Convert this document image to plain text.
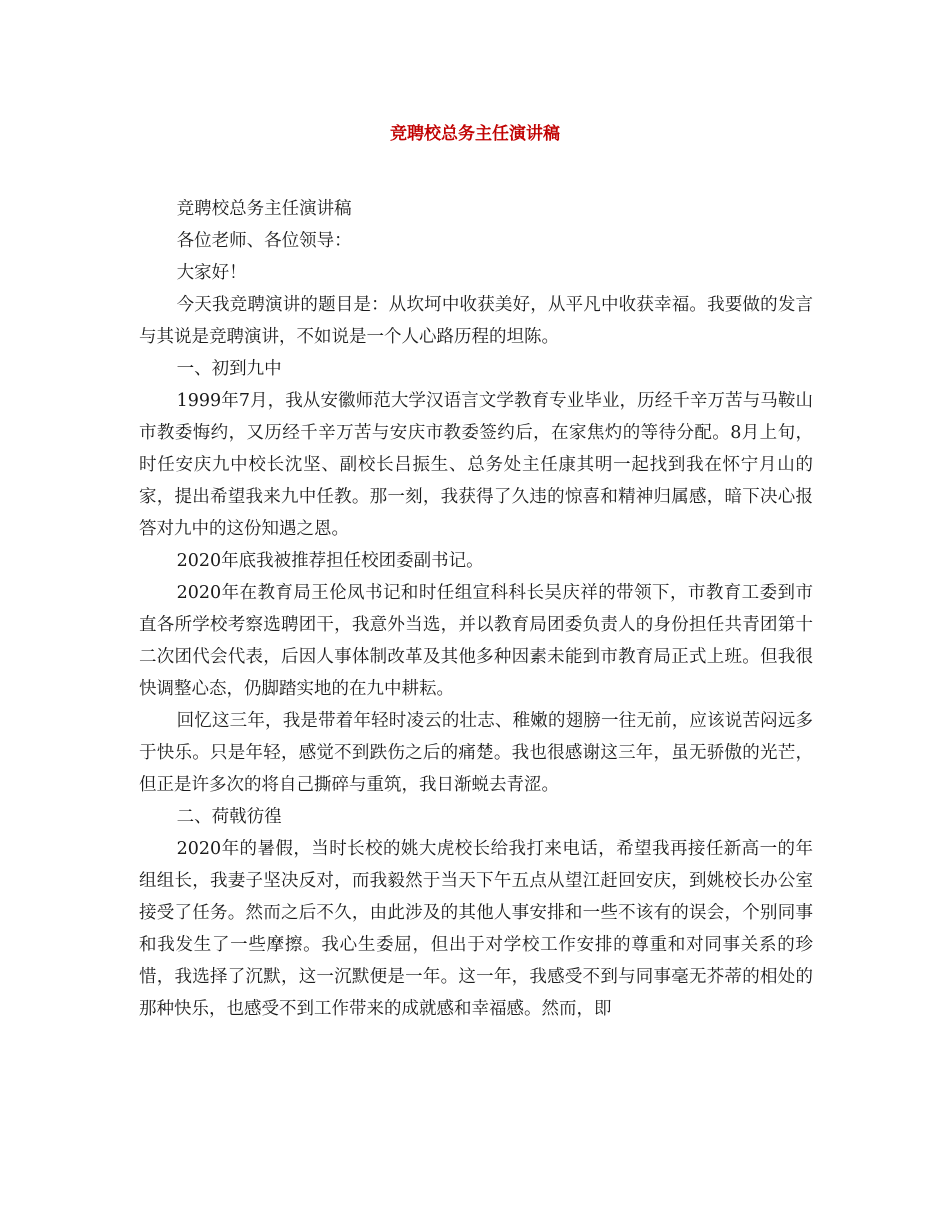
竞聘校总务主任演讲稿

竞聘校总务主任演讲稿

各位老师、各位领导：

大家好！

今天我竞聘演讲的题目是：从坎坷中收获美好，从平凡中收获幸福。我要做的发言与其说是竞聘演讲，不如说是一个人心路历程的坦陈。

一、初到九中

1999年7月，我从安徽师范大学汉语言文学教育专业毕业，历经千辛万苦与马鞍山市教委悔约，又历经千辛万苦与安庆市教委签约后，在家焦灼的等待分配。8月上旬，时任安庆九中校长沈坚、副校长吕振生、总务处主任康其明一起找到我在怀宁月山的家，提出希望我来九中任教。那一刻，我获得了久违的惊喜和精神归属感，暗下决心报答对九中的这份知遇之恩。

2020年底我被推荐担任校团委副书记。

2020年在教育局王伦凤书记和时任组宣科科长吴庆祥的带领下，市教育工委到市直各所学校考察选聘团干，我意外当选，并以教育局团委负责人的身份担任共青团第十二次团代会代表，后因人事体制改革及其他多种因素未能到市教育局正式上班。但我很快调整心态，仍脚踏实地的在九中耕耘。

回忆这三年，我是带着年轻时凌云的壮志、稚嫩的翅膀一往无前，应该说苦闷远多于快乐。只是年轻，感觉不到跌伤之后的痛楚。我也很感谢这三年，虽无骄傲的光芒，但正是许多次的将自己撕碎与重筑，我日渐蜕去青涩。

二、荷戟彷徨

2020年的暑假，当时长校的姚大虎校长给我打来电话，希望我再接任新高一的年组组长，我妻子坚决反对，而我毅然于当天下午五点从望江赶回安庆，到姚校长办公室接受了任务。然而之后不久，由此涉及的其他人事安排和一些不该有的误会，个别同事和我发生了一些摩擦。我心生委屈，但出于对学校工作安排的尊重和对同事关系的珍惜，我选择了沉默，这一沉默便是一年。这一年，我感受不到与同事毫无芥蒂的相处的那种快乐，也感受不到工作带来的成就感和幸福感。然而，即
